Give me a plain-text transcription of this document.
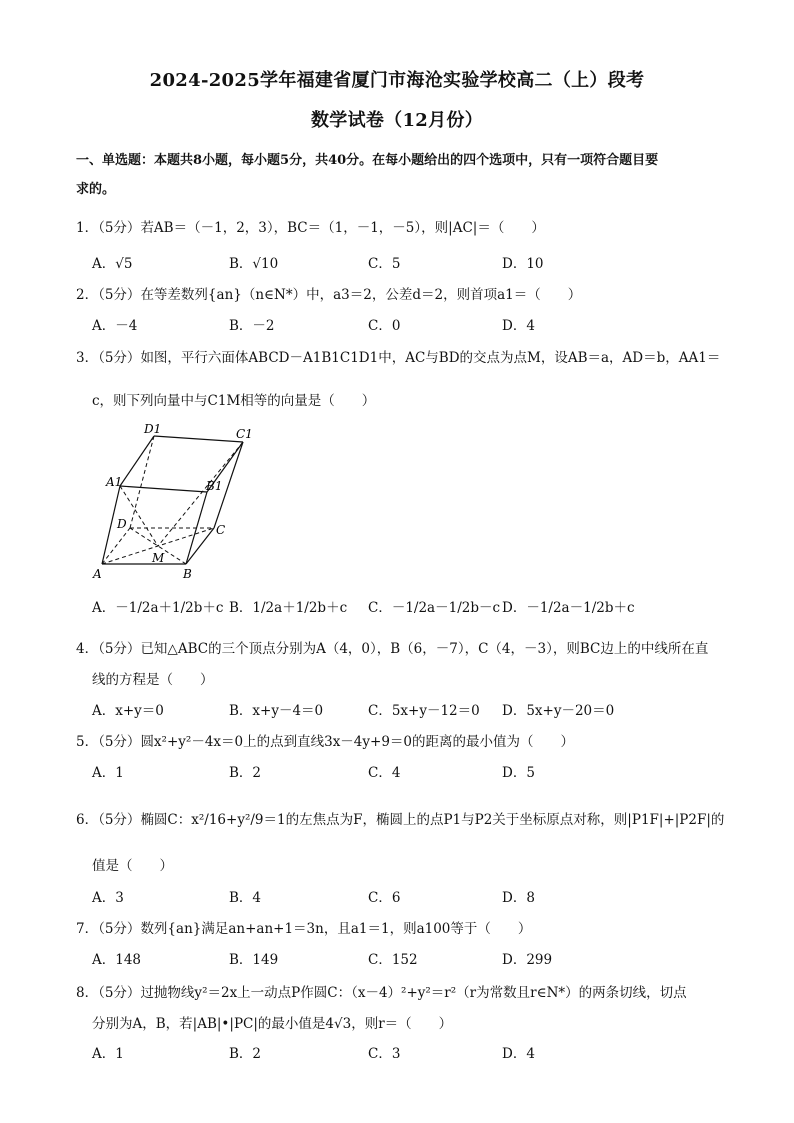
2024-2025学年福建省厦门市海沧实验学校高二（上）段考
数学试卷（12月份）
一、单选题：本题共8小题，每小题5分，共40分。在每小题给出的四个选项中，只有一项符合题目要
求的。
1．（5分）若AB＝（－1，2，3），BC＝（1，－1，－5），则|AC|＝（　　）
A．√5	B．√10	C．5	D．10
2．（5分）在等差数列{an}（n∈N*）中，a3＝2，公差d＝2，则首项a1＝（　　）
A．－4	B．－2	C．0	D．4
3．（5分）如图，平行六面体ABCD－A1B1C1D1中，AC与BD的交点为点M，设AB＝a，AD＝b，AA1＝
c，则下列向量中与C1M相等的向量是（　　）
D1	C1
A1	B1
D	C
M
A	B
A．－1/2a＋1/2b＋c B．1/2a＋1/2b＋c C．－1/2a－1/2b－c D．－1/2a－1/2b＋c
4．（5分）已知△ABC的三个顶点分别为A（4，0），B（6，－7），C（4，－3），则BC边上的中线所在直
线的方程是（　　）
A．x+y＝0	B．x+y－4＝0	C．5x+y－12＝0 D．5x+y－20＝0
5．（5分）圆x²+y²－4x＝0上的点到直线3x－4y+9＝0的距离的最小值为（　　）
A．1	B．2	C．4	D．5
6．（5分）椭圆C：x²/16+y²/9＝1的左焦点为F，椭圆上的点P1与P2关于坐标原点对称，则|P1F|+|P2F|的
值是（　　）
A．3	B．4	C．6	D．8
7．（5分）数列{an}满足an+an+1＝3n，且a1＝1，则a100等于（　　）
A．148	B．149	C．152	D．299
8．（5分）过抛物线y²＝2x上一动点P作圆C：（x－4）²+y²＝r²（r为常数且r∈N*）的两条切线，切点
分别为A，B，若|AB|•|PC|的最小值是4√3，则r＝（　　）
A．1	B．2	C．3	D．4
